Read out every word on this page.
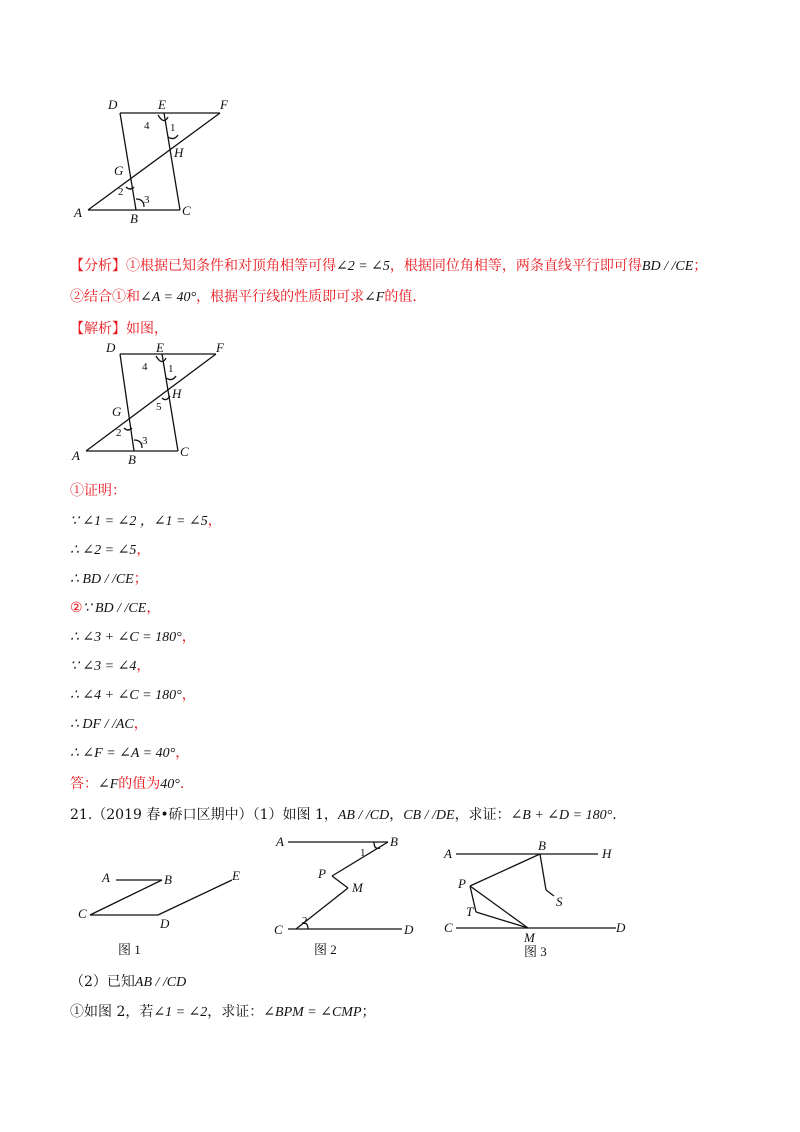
D	E	F
G
H
A	B
C
1
2
3
4
【分析】①根据已知条件和对顶角相等可得∠2 = ∠5，根据同位角相等，两条直线平行即可得BD / /CE；
②结合①和∠A = 40°，根据平行线的性质即可求∠F的值.
【解析】如图，
D	E	F
G
H
A	B
C
1
2
3
4
5
①证明：
∵ ∠1 = ∠2 ，∠1 = ∠5，
∴ ∠2 = ∠5，
∴ BD / /CE；
②∵ BD / /CE，
∴ ∠3 + ∠C = 180°，
∵ ∠3 = ∠4，
∴ ∠4 + ∠C = 180°，
∴ DF / /AC，
∴ ∠F = ∠A = 40°，
答：∠F的值为40°.
21.（2019 春•硚口区期中）（1）如图 1，AB / /CD，CB / /DE，求证：∠B + ∠D = 180°.
A	B
C
D
E
图 1
A	B
P
M
C	D
1
2
图 2
A
B
H
P
S
T
C
M
D
图 3
（2）已知AB / /CD
①如图 2，若∠1 = ∠2，求证：∠BPM = ∠CMP；
